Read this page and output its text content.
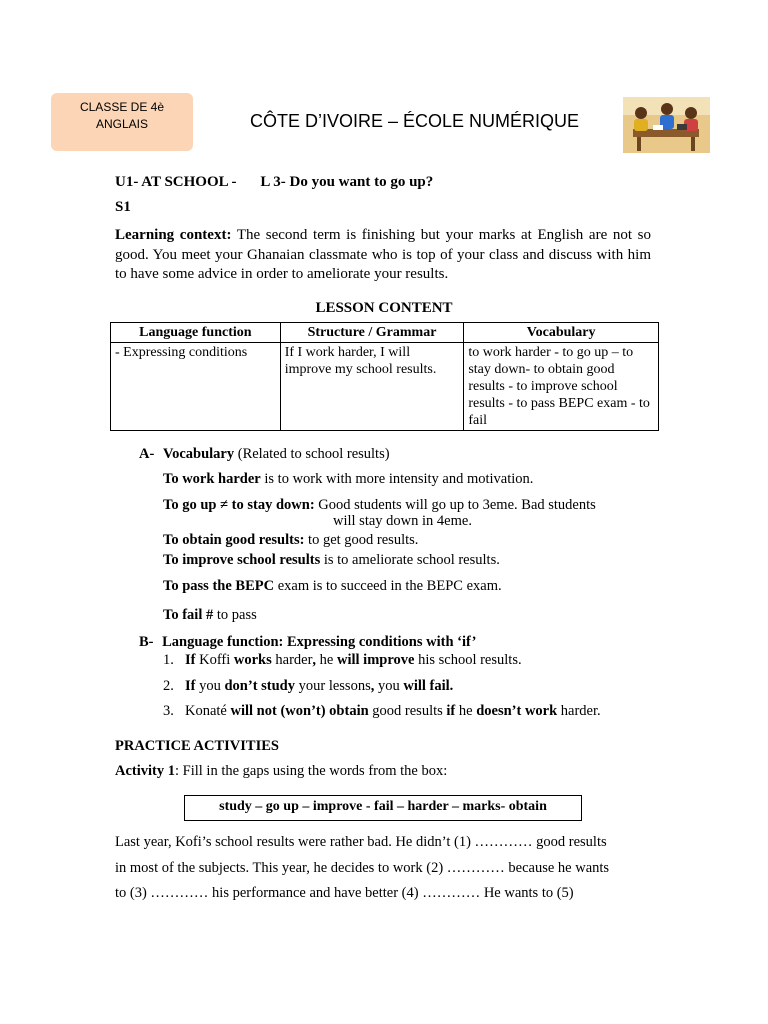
CLASSE DE 4è
ANGLAIS	CÔTE D’IVOIRE – ÉCOLE NUMÉRIQUE
U1- AT SCHOOL - L 3- Do you want to go up?
S1
Learning context: The second term is finishing but your marks at English are not so good. You meet your Ghanaian classmate who is top of your class and discuss with him to have some advice in order to ameliorate your results.
LESSON CONTENT
Language function	Structure / Grammar	Vocabulary
- Expressing conditions	If I work harder, I will improve my school results.	to work harder - to go up – to stay down- to obtain good results - to improve school results - to pass BEPC exam - to fail
A- Vocabulary (Related to school results)
To work harder is to work with more intensity and motivation.
To go up ≠ to stay down: Good students will go up to 3eme. Bad students
will stay down in 4eme.
To obtain good results: to get good results.
To improve school results is to ameliorate school results.
To pass the BEPC exam is to succeed in the BEPC exam.
To fail # to pass
B- Language function: Expressing conditions with ‘if’
1. If Koffi works harder, he will improve his school results.
2. If you don’t study your lessons, you will fail.
3. Konaté will not (won’t) obtain good results if he doesn’t work harder.
PRACTICE ACTIVITIES
Activity 1: Fill in the gaps using the words from the box:
study – go up – improve - fail – harder – marks- obtain
Last year, Kofi’s school results were rather bad. He didn’t (1) ………… good results
in most of the subjects. This year, he decides to work (2) ………… because he wants
to (3) ………… his performance and have better (4) ………… He wants to (5)
